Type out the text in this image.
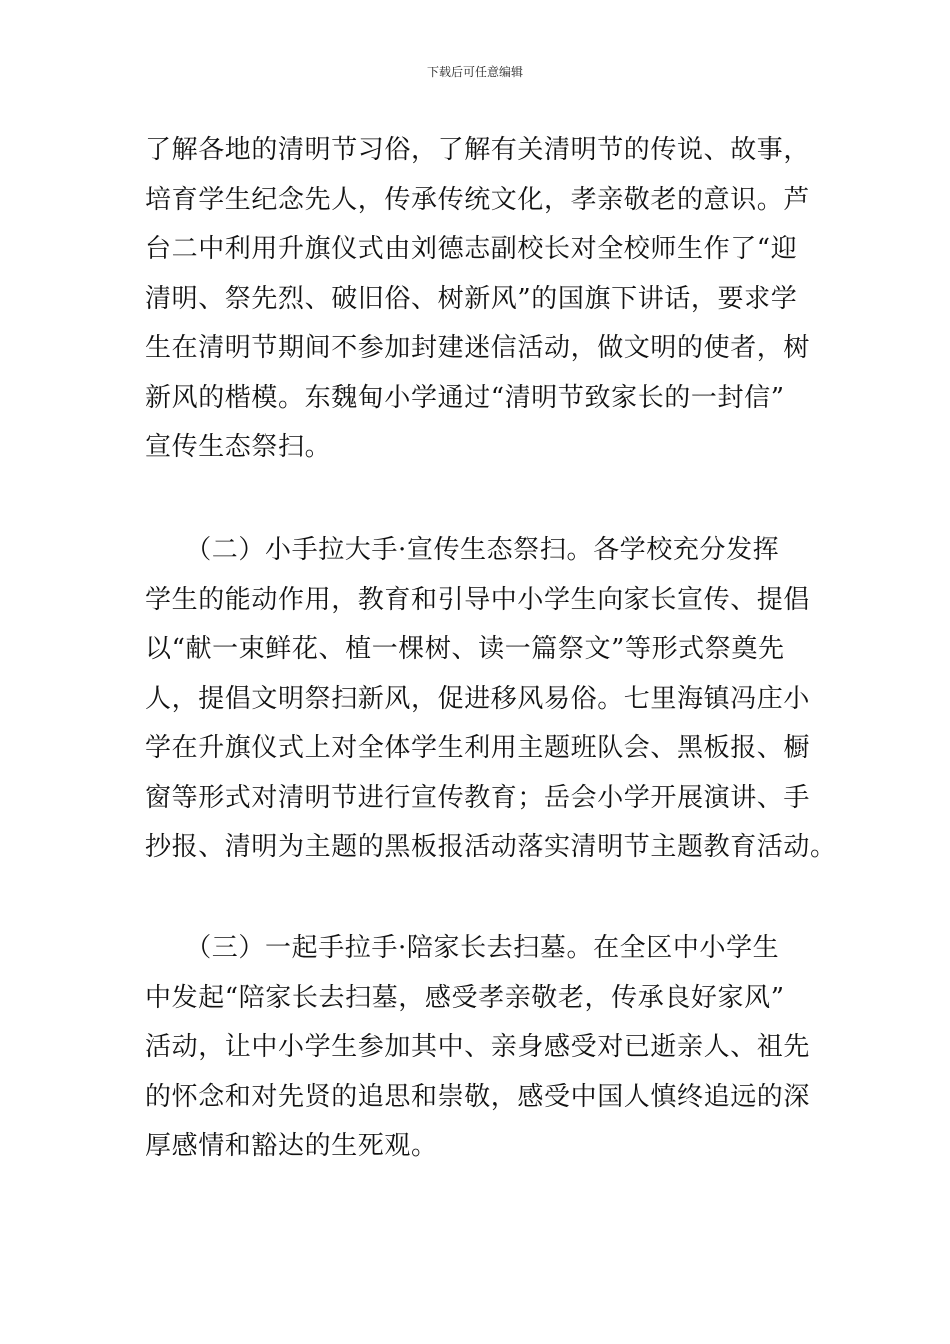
下载后可任意编辑
了解各地的清明节习俗，了解有关清明节的传说、故事，
培育学生纪念先人，传承传统文化，孝亲敬老的意识。芦
台二中利用升旗仪式由刘德志副校长对全校师生作了“迎
清明、祭先烈、破旧俗、树新风”的国旗下讲话，要求学
生在清明节期间不参加封建迷信活动，做文明的使者，树
新风的楷模。东魏甸小学通过“清明节致家长的一封信”
宣传生态祭扫。
　　（二）小手拉大手·宣传生态祭扫。各学校充分发挥
学生的能动作用，教育和引导中小学生向家长宣传、提倡
以“献一束鲜花、植一棵树、读一篇祭文”等形式祭奠先
人，提倡文明祭扫新风，促进移风易俗。七里海镇冯庄小
学在升旗仪式上对全体学生利用主题班队会、黑板报、橱
窗等形式对清明节进行宣传教育；岳会小学开展演讲、手
抄报、清明为主题的黑板报活动落实清明节主题教育活动。
　　（三）一起手拉手·陪家长去扫墓。在全区中小学生
中发起“陪家长去扫墓，感受孝亲敬老，传承良好家风”
活动，让中小学生参加其中、亲身感受对已逝亲人、祖先
的怀念和对先贤的追思和崇敬，感受中国人慎终追远的深
厚感情和豁达的生死观。
